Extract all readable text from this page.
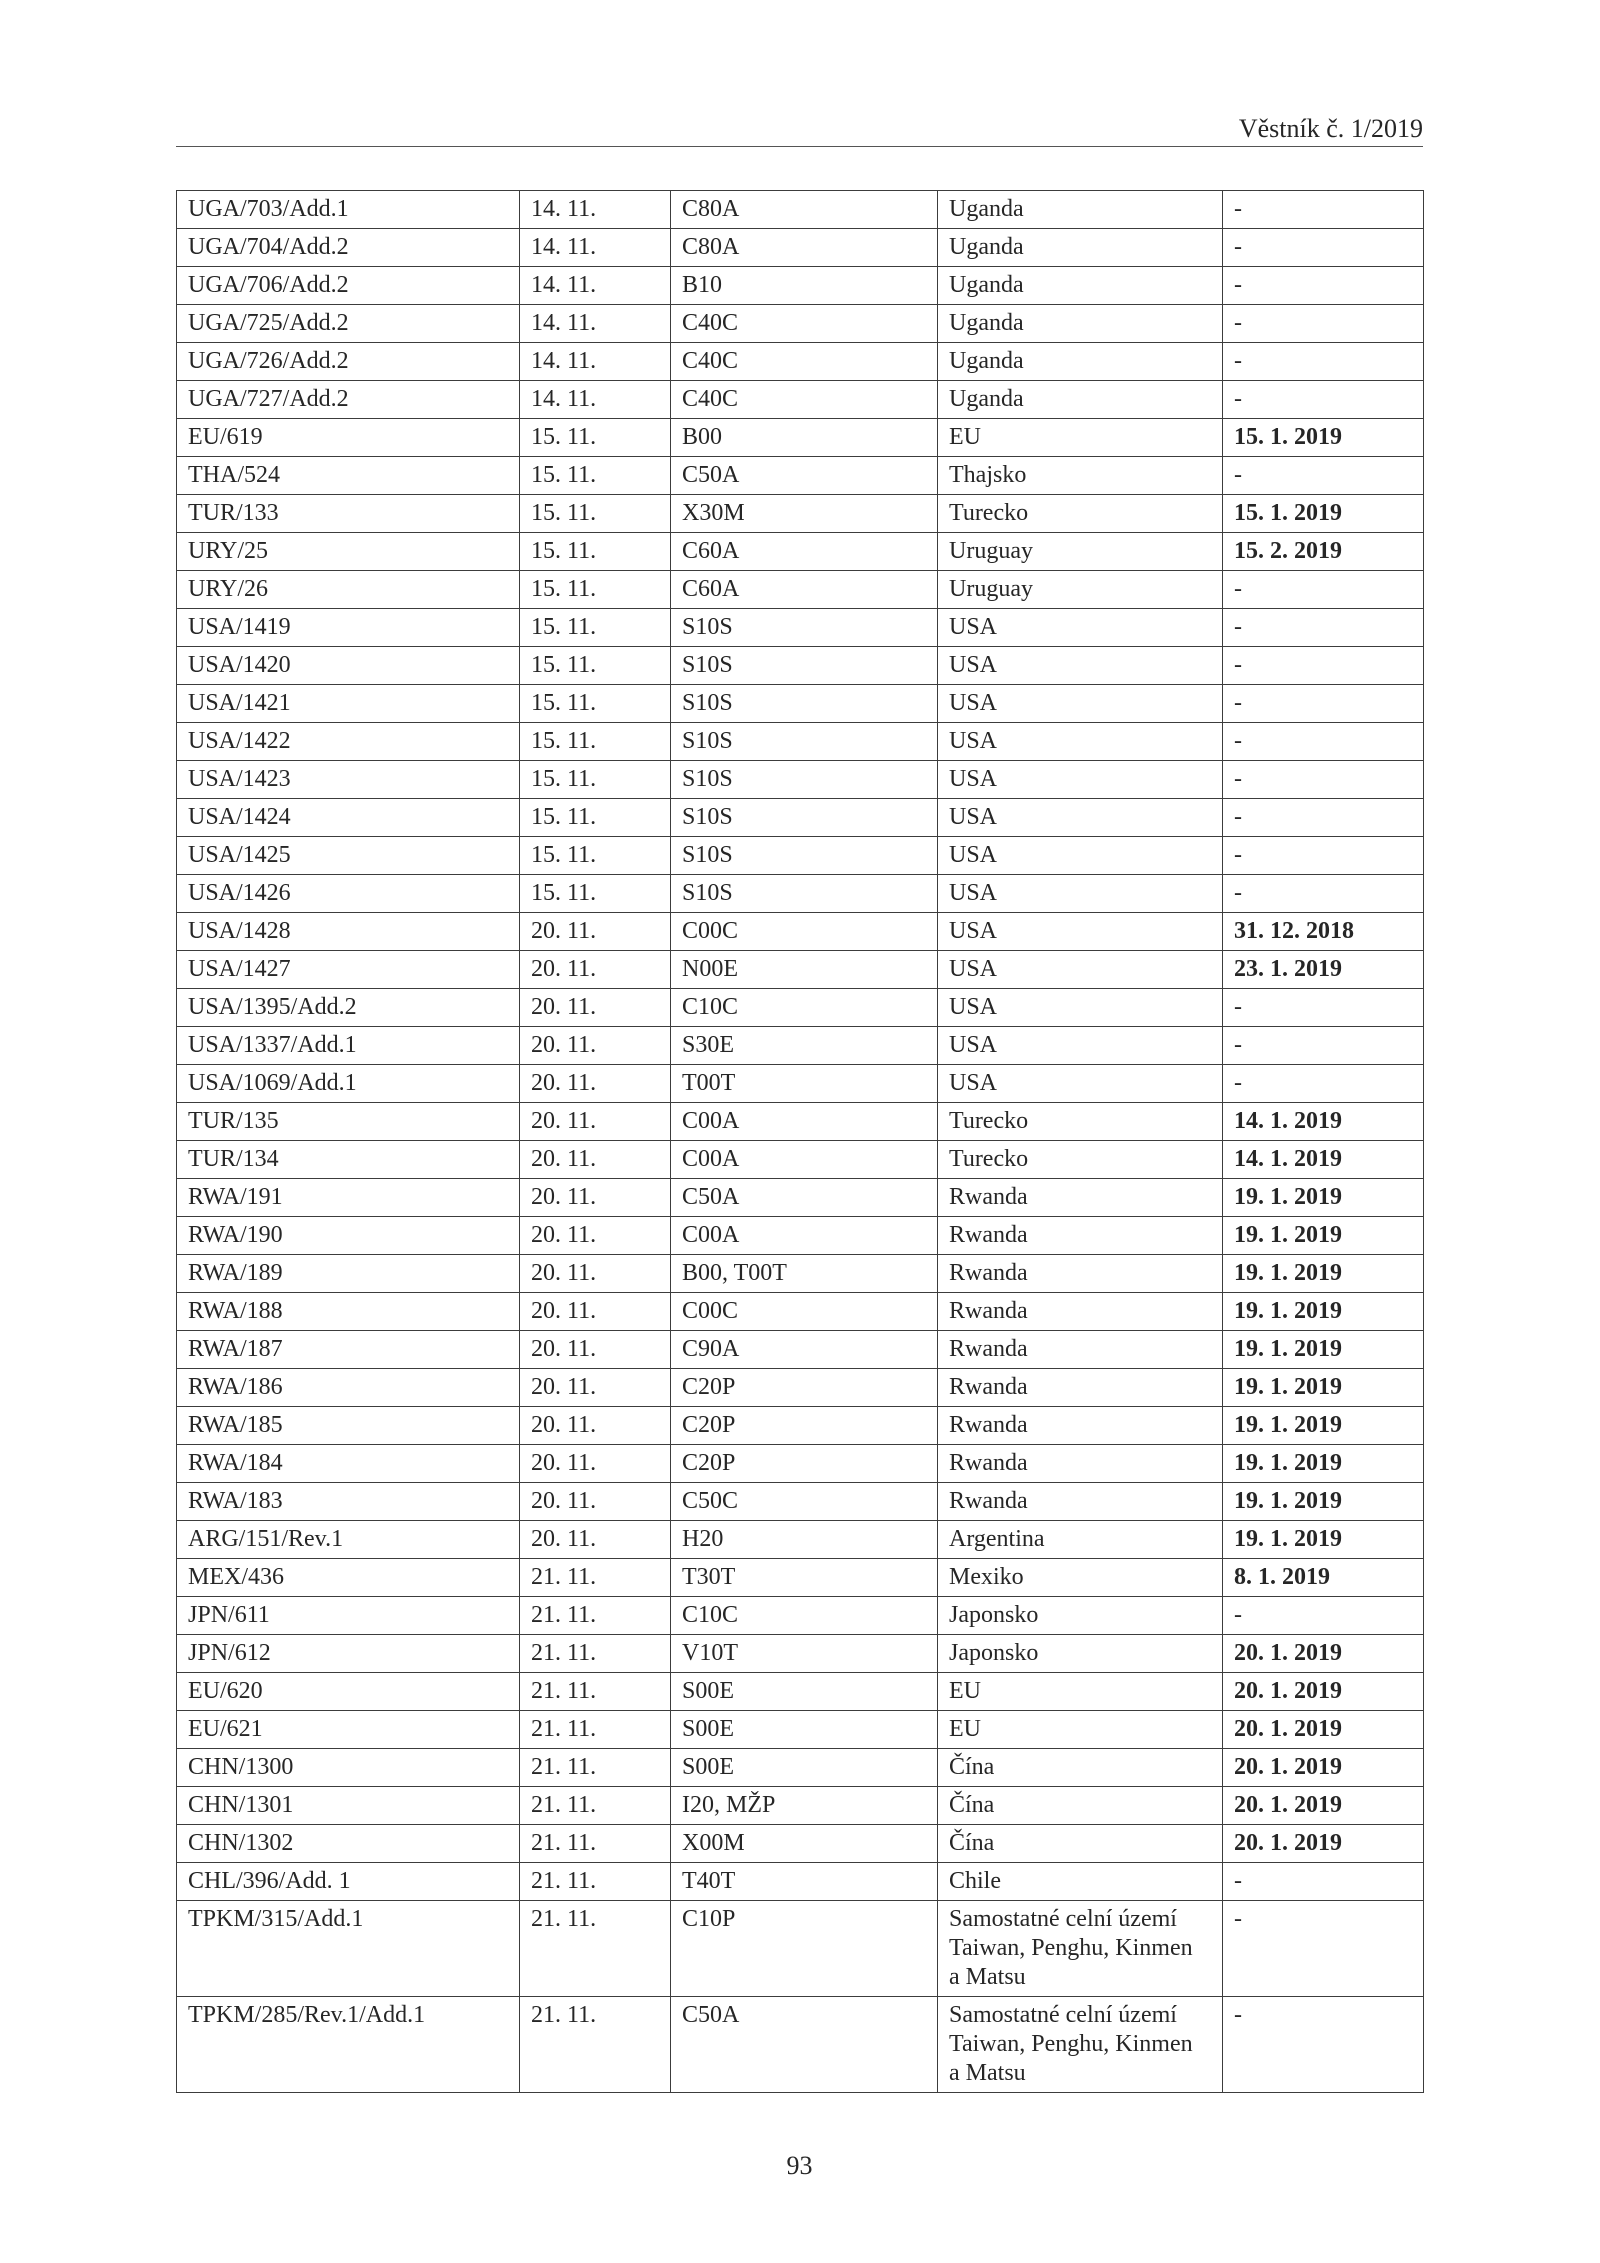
Věstník č. 1/2019
UGA/703/Add.1	14. 11.	C80A	Uganda	-
UGA/704/Add.2	14. 11.	C80A	Uganda	-
UGA/706/Add.2	14. 11.	B10	Uganda	-
UGA/725/Add.2	14. 11.	C40C	Uganda	-
UGA/726/Add.2	14. 11.	C40C	Uganda	-
UGA/727/Add.2	14. 11.	C40C	Uganda	-
EU/619	15. 11.	B00	EU	15. 1. 2019
THA/524	15. 11.	C50A	Thajsko	-
TUR/133	15. 11.	X30M	Turecko	15. 1. 2019
URY/25	15. 11.	C60A	Uruguay	15. 2. 2019
URY/26	15. 11.	C60A	Uruguay	-
USA/1419	15. 11.	S10S	USA	-
USA/1420	15. 11.	S10S	USA	-
USA/1421	15. 11.	S10S	USA	-
USA/1422	15. 11.	S10S	USA	-
USA/1423	15. 11.	S10S	USA	-
USA/1424	15. 11.	S10S	USA	-
USA/1425	15. 11.	S10S	USA	-
USA/1426	15. 11.	S10S	USA	-
USA/1428	20. 11.	C00C	USA	31. 12. 2018
USA/1427	20. 11.	N00E	USA	23. 1. 2019
USA/1395/Add.2	20. 11.	C10C	USA	-
USA/1337/Add.1	20. 11.	S30E	USA	-
USA/1069/Add.1	20. 11.	T00T	USA	-
TUR/135	20. 11.	C00A	Turecko	14. 1. 2019
TUR/134	20. 11.	C00A	Turecko	14. 1. 2019
RWA/191	20. 11.	C50A	Rwanda	19. 1. 2019
RWA/190	20. 11.	C00A	Rwanda	19. 1. 2019
RWA/189	20. 11.	B00, T00T	Rwanda	19. 1. 2019
RWA/188	20. 11.	C00C	Rwanda	19. 1. 2019
RWA/187	20. 11.	C90A	Rwanda	19. 1. 2019
RWA/186	20. 11.	C20P	Rwanda	19. 1. 2019
RWA/185	20. 11.	C20P	Rwanda	19. 1. 2019
RWA/184	20. 11.	C20P	Rwanda	19. 1. 2019
RWA/183	20. 11.	C50C	Rwanda	19. 1. 2019
ARG/151/Rev.1	20. 11.	H20	Argentina	19. 1. 2019
MEX/436	21. 11.	T30T	Mexiko	8. 1. 2019
JPN/611	21. 11.	C10C	Japonsko	-
JPN/612	21. 11.	V10T	Japonsko	20. 1. 2019
EU/620	21. 11.	S00E	EU	20. 1. 2019
EU/621	21. 11.	S00E	EU	20. 1. 2019
CHN/1300	21. 11.	S00E	Čína	20. 1. 2019
CHN/1301	21. 11.	I20, MŽP	Čína	20. 1. 2019
CHN/1302	21. 11.	X00M	Čína	20. 1. 2019
CHL/396/Add. 1	21. 11.	T40T	Chile	-
TPKM/315/Add.1	21. 11.	C10P	Samostatné celní území Taiwan, Penghu, Kinmen a Matsu	-
TPKM/285/Rev.1/Add.1	21. 11.	C50A	Samostatné celní území Taiwan, Penghu, Kinmen a Matsu	-
93
